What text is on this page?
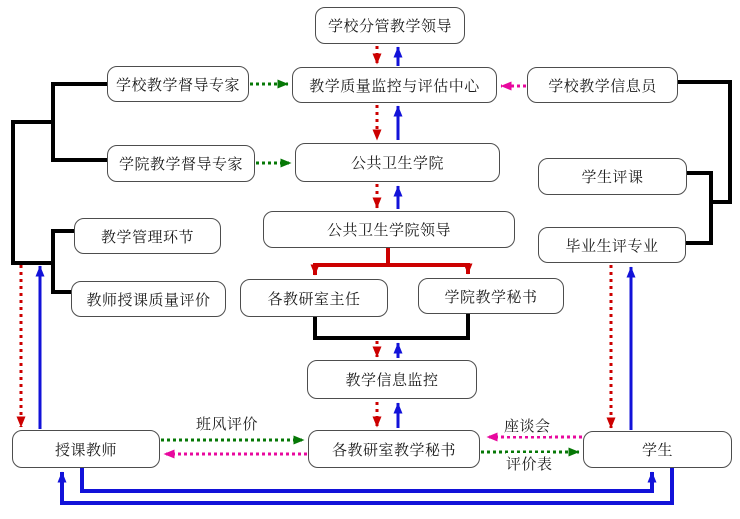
学校分管教学领导
教学质量监控与评估中心
学校教学督导专家	学校教学信息员
学院教学督导专家	公共卫生学院
学生评课
公共卫生学院领导
毕业生评专业
教学管理环节
教师授课质量评价	各教研室主任	学院教学秘书
教学信息监控
授课教师	各教研室教学秘书	学生
班风评价	座谈会
评价表
